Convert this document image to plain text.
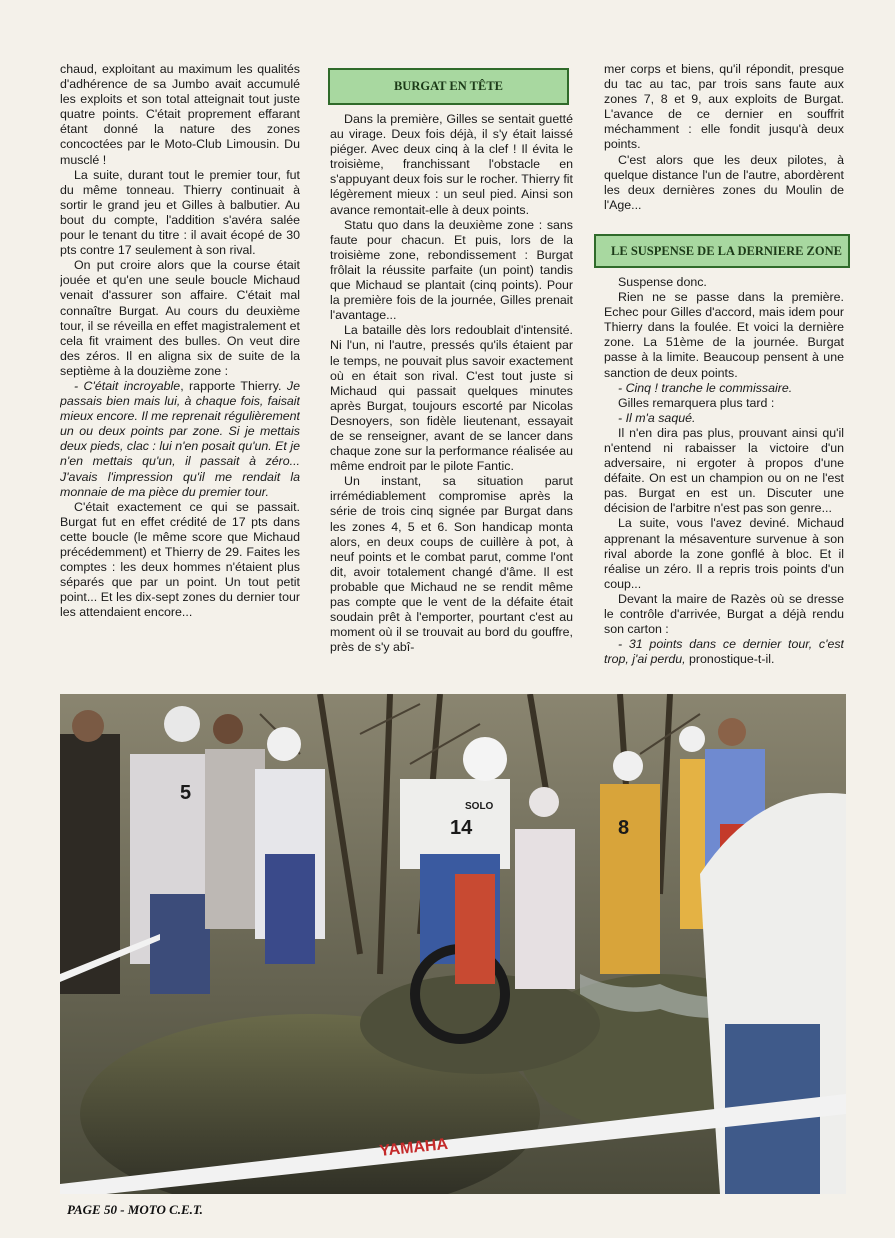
chaud, exploitant au maximum les qualités d'adhérence de sa Jumbo avait accumulé les exploits et son total atteignait tout juste quatre points. C'était proprement effarant étant donné la nature des zones concoctées par le Moto-Club Limousin. Du musclé !

La suite, durant tout le premier tour, fut du même tonneau. Thierry continuait à sortir le grand jeu et Gilles à balbutier. Au bout du compte, l'addition s'avéra salée pour le tenant du titre : il avait écopé de 30 pts contre 17 seulement à son rival.

On put croire alors que la course était jouée et qu'en une seule boucle Michaud venait d'assurer son affaire. C'était mal connaître Burgat. Au cours du deuxième tour, il se réveilla en effet magistralement et cela fit vraiment des bulles. On veut dire des zéros. Il en aligna six de suite de la septième à la douzième zone :

- C'était incroyable, rapporte Thierry. Je passais bien mais lui, à chaque fois, faisait mieux encore. Il me reprenait régulièrement un ou deux points par zone. Si je mettais deux pieds, clac : lui n'en posait qu'un. Et je n'en mettais qu'un, il passait à zéro... J'avais l'impression qu'il me rendait la monnaie de ma pièce du premier tour.

C'était exactement ce qui se passait. Burgat fut en effet crédité de 17 pts dans cette boucle (le même score que Michaud précédemment) et Thierry de 29. Faites les comptes : les deux hommes n'étaient plus séparés que par un point. Un tout petit point... Et les dix-sept zones du dernier tour les attendaient encore...

BURGAT EN TÊTE

Dans la première, Gilles se sentait guetté au virage. Deux fois déjà, il s'y était laissé piéger. Avec deux cinq à la clef ! Il évita le troisième, franchissant l'obstacle en s'appuyant deux fois sur le rocher. Thierry fit légèrement mieux : un seul pied. Ainsi son avance remontait-elle à deux points.

Statu quo dans la deuxième zone : sans faute pour chacun. Et puis, lors de la troisième zone, rebondissement : Burgat frôlait la réussite parfaite (un point) tandis que Michaud se plantait (cinq points). Pour la première fois de la journée, Gilles prenait l'avantage...

La bataille dès lors redoublait d'intensité. Ni l'un, ni l'autre, pressés qu'ils étaient par le temps, ne pouvait plus savoir exactement où en était son rival. C'est tout juste si Michaud qui passait quelques minutes après Burgat, toujours escorté par Nicolas Desnoyers, son fidèle lieutenant, essayait de se renseigner, avant de se lancer dans chaque zone sur la performance réalisée au même endroit par le pilote Fantic.

Un instant, sa situation parut irrémédiablement compromise après la série de trois cinq signée par Burgat dans les zones 4, 5 et 6. Son handicap monta alors, en deux coups de cuillère à pot, à neuf points et le combat parut, comme l'ont dit, avoir totalement changé d'âme. Il est probable que Michaud ne se rendit même pas compte que le vent de la défaite était soudain prêt à l'emporter, pourtant c'est au moment où il se trouvait au bord du gouffre, près de s'y abî-

mer corps et biens, qu'il répondit, presque du tac au tac, par trois sans faute aux zones 7, 8 et 9, aux exploits de Burgat. L'avance de ce dernier en souffrit méchamment : elle fondit jusqu'à deux points.

C'est alors que les deux pilotes, à quelque distance l'un de l'autre, abordèrent les deux dernières zones du Moulin de l'Age...

Suspense donc.

Rien ne se passe dans la première. Echec pour Gilles d'accord, mais idem pour Thierry dans la foulée. Et voici la dernière zone. La 51ème de la journée. Burgat passe à la limite. Beaucoup pensent à une sanction de deux points.

- Cinq ! tranche le commissaire.

Gilles remarquera plus tard :

- Il m'a saqué.

Il n'en dira pas plus, prouvant ainsi qu'il n'entend ni rabaisser la victoire d'un adversaire, ni ergoter à propos d'une défaite. On est un champion ou on ne l'est pas. Burgat en est un. Discuter une décision de l'arbitre n'est pas son genre...

La suite, vous l'avez deviné. Michaud apprenant la mésaventure survenue à son rival aborde la zone gonflé à bloc. Et il réalise un zéro. Il a repris trois points d'un coup...

Devant la maire de Razès où se dresse le contrôle d'arrivée, Burgat a déjà rendu son carton :

- 31 points dans ce dernier tour, c'est trop, j'ai perdu, pronostique-t-il.

LE SUSPENSE DE LA DERNIERE ZONE
5
14	8
SOLO
YAMAHA
PAGE 50 - MOTO C.E.T.
